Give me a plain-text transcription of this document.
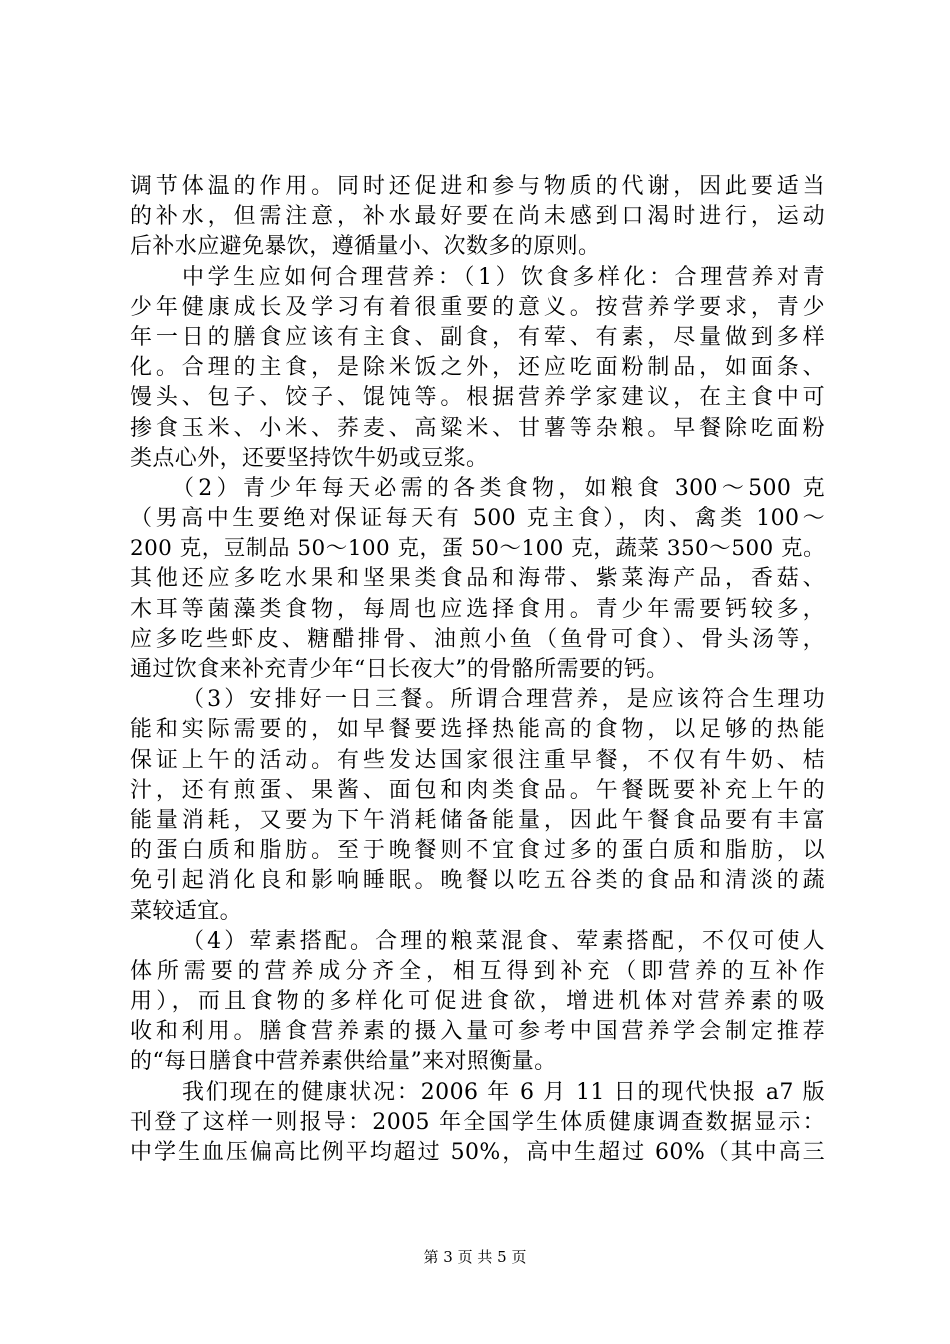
调节体温的作用。同时还促进和参与物质的代谢，因此要适当
的补水，但需注意，补水最好要在尚未感到口渴时进行，运动
后补水应避免暴饮，遵循量小、次数多的原则。
中学生应如何合理营养：（1）饮食多样化：合理营养对青
少年健康成长及学习有着很重要的意义。按营养学要求，青少
年一日的膳食应该有主食、副食，有荤、有素，尽量做到多样
化。合理的主食，是除米饭之外，还应吃面粉制品，如面条、
馒头、包子、饺子、馄饨等。根据营养学家建议，在主食中可
掺食玉米、小米、荞麦、高粱米、甘薯等杂粮。早餐除吃面粉
类点心外，还要坚持饮牛奶或豆浆。
（2）青少年每天必需的各类食物，如粮食 300～500 克
（男高中生要绝对保证每天有 500 克主食），肉、禽类 100～
200 克，豆制品 50～100 克，蛋 50～100 克，蔬菜 350～500 克。
其他还应多吃水果和坚果类食品和海带、紫菜海产品，香菇、
木耳等菌藻类食物，每周也应选择食用。青少年需要钙较多，
应多吃些虾皮、糖醋排骨、油煎小鱼（鱼骨可食）、骨头汤等，
通过饮食来补充青少年“日长夜大”的骨骼所需要的钙。
（3）安排好一日三餐。所谓合理营养，是应该符合生理功
能和实际需要的，如早餐要选择热能高的食物，以足够的热能
保证上午的活动。有些发达国家很注重早餐，不仅有牛奶、桔
汁，还有煎蛋、果酱、面包和肉类食品。午餐既要补充上午的
能量消耗，又要为下午消耗储备能量，因此午餐食品要有丰富
的蛋白质和脂肪。至于晚餐则不宜食过多的蛋白质和脂肪，以
免引起消化良和影响睡眠。晚餐以吃五谷类的食品和清淡的蔬
菜较适宜。
（4）荤素搭配。合理的粮菜混食、荤素搭配，不仅可使人
体所需要的营养成分齐全，相互得到补充（即营养的互补作
用），而且食物的多样化可促进食欲，增进机体对营养素的吸
收和利用。膳食营养素的摄入量可参考中国营养学会制定推荐
的“每日膳食中营养素供给量”来对照衡量。
我们现在的健康状况：2006 年 6 月 11 日的现代快报 a7 版
刊登了这样一则报导：2005 年全国学生体质健康调查数据显示：
中学生血压偏高比例平均超过 50%，高中生超过 60%（其中高三
第 3 页 共 5 页
